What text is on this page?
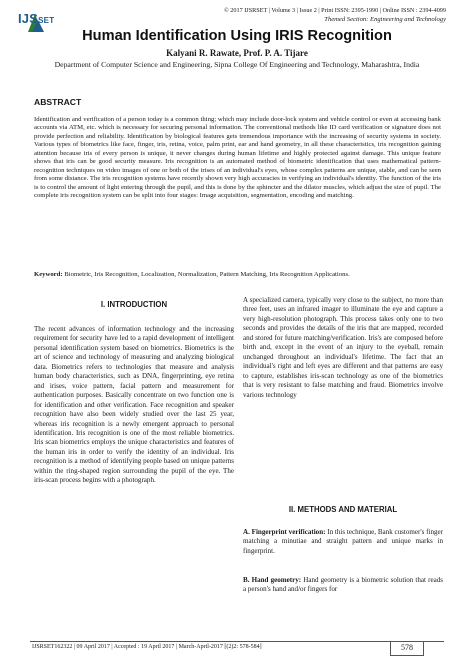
IJSSET
© 2017 IJSRSET | Volume 3 | Issue 2 | Print ISSN: 2395-1990 | Online ISSN : 2394-4099
Themed Section: Engineering and Technology
Human Identification Using IRIS Recognition
Kalyani R. Rawate, Prof. P. A. Tijare
Department of Computer Science and Engineering, Sipna College Of Engineering and Technology, Maharashtra, India
ABSTRACT
Identification and verification of a person today is a common thing; which may include door-lock system and vehicle control or even at accessing bank accounts via ATM, etc. which is necessary for securing personal information. The conventional methods like ID card verification or signature does not provide perfection and reliability. Identification by biological features gets tremendous importance with the increasing of security systems in society. Various types of biometrics like face, finger, iris, retina, voice, palm print, ear and hand geometry, in all these characteristics, iris recognition gaining attention because iris of every person is unique, it never changes during human lifetime and highly protected against damage. This unique feature shows that iris can be good security measure. Iris recognition is an automated method of biometric identification that uses mathematical pattern-recognition techniques on video images of one or both of the irises of an individual's eyes, whose complex patterns are unique, stable, and can be seen from some distance. The iris recognition systems have recently shown very high accuracies in verifying an individual's identity. The function of the iris is to control the amount of light entering through the pupil, and this is done by the sphincter and the dilator muscles, which adjust the size of pupil. The complete iris recognition system can be split into four stages: Image acquisition, segmentation, encoding and matching.
Keyword: Biometric, Iris Recognition, Localization, Normalization, Pattern Matching, Iris Recognition Applications.
I. INTRODUCTION

The recent advances of information technology and the increasing requirement for security have led to a rapid development of intelligent personal identification system based on biometrics. Biometrics is the art of science and technology of measuring and analyzing biological data. Biometrics refers to technologies that measure and analysis human body characteristics, such as DNA, fingerprinting, eye retina and irises, voice pattern, facial pattern and measurement for authentication purposes. Basically concentrate on two function one is for identification and other verification. Face recognition and speaker recognition have also been widely studied over the last 25 year, whereas iris recognition is a newly emergent approach to personal identification. Iris recognition is one of the most reliable biometrics. Iris scan biometrics employs the unique characteristics and features of the human iris in order to verify the identity of an individual. Iris recognition is a method of identifying people based on unique patterns within the ring-shaped region surrounding the pupil of the eye. The iris-scan process begins with a photograph.

A specialized camera, typically very close to the subject, no more than three feet, uses an infrared imager to illuminate the eye and capture a very high-resolution photograph. This process takes only one to two seconds and provides the details of the iris that are mapped, recorded and stored for future matching/verification. Iris's are composed before birth and, except in the event of an injury to the eyeball, remain unchanged throughout an individual's lifetime. The fact that an individual's right and left eyes are different and that patterns are easy to capture, establishes iris-scan technology as one of the biometrics that is very resistant to false matching and fraud. Biometrics involve various technology

II. METHODS AND MATERIAL

A. Fingerprint verification: In this technique, Bank customer's finger matching a minutiae and straight pattern and unique marks in fingerprint.

B. Hand geometry: Hand geometry is a biometric solution that reads a person's hand and/or fingers for

IJSRSET162322 | 09 April 2017 | Accepted : 19 April 2017 | March-April-2017 [(2)2: 578-584]	578
